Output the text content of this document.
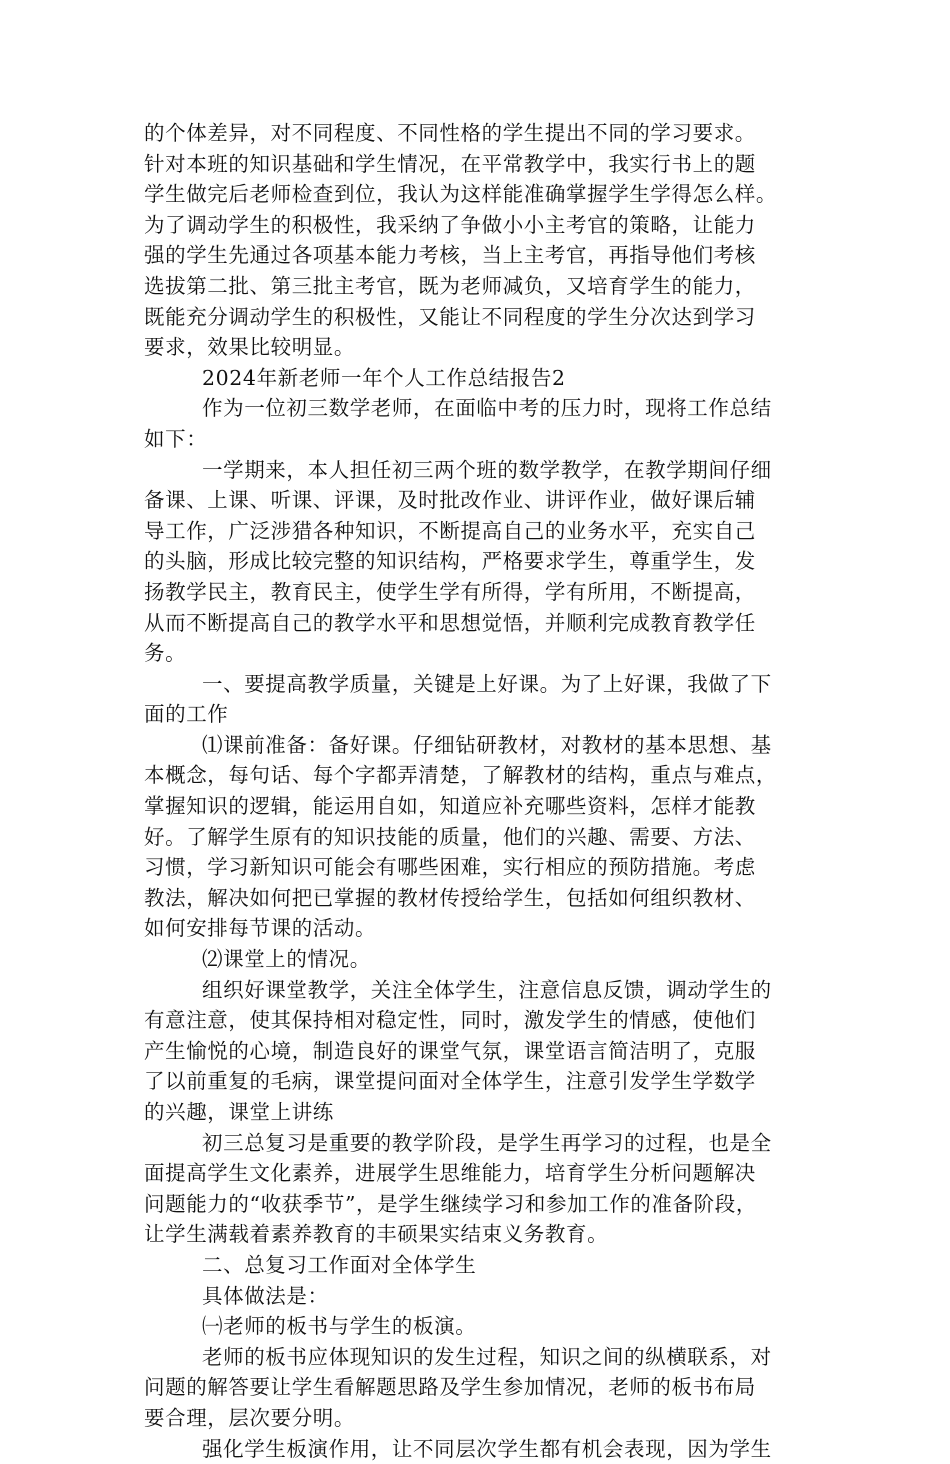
的个体差异，对不同程度、不同性格的学生提出不同的学习要求。
针对本班的知识基础和学生情况，在平常教学中，我实行书上的题
学生做完后老师检查到位，我认为这样能准确掌握学生学得怎么样。
为了调动学生的积极性，我采纳了争做小小主考官的策略，让能力
强的学生先通过各项基本能力考核，当上主考官，再指导他们考核
选拔第二批、第三批主考官，既为老师减负，又培育学生的能力，
既能充分调动学生的积极性，又能让不同程度的学生分次达到学习
要求，效果比较明显。
2024年新老师一年个人工作总结报告2
作为一位初三数学老师，在面临中考的压力时，现将工作总结
如下：
一学期来，本人担任初三两个班的数学教学，在教学期间仔细
备课、上课、听课、评课，及时批改作业、讲评作业，做好课后辅
导工作，广泛涉猎各种知识，不断提高自己的业务水平，充实自己
的头脑，形成比较完整的知识结构，严格要求学生，尊重学生，发
扬教学民主，教育民主，使学生学有所得，学有所用，不断提高，
从而不断提高自己的教学水平和思想觉悟，并顺利完成教育教学任
务。
一、要提高教学质量，关键是上好课。为了上好课，我做了下
面的工作
⑴课前准备：备好课。仔细钻研教材，对教材的基本思想、基
本概念，每句话、每个字都弄清楚，了解教材的结构，重点与难点，
掌握知识的逻辑，能运用自如，知道应补充哪些资料，怎样才能教
好。了解学生原有的知识技能的质量，他们的兴趣、需要、方法、
习惯，学习新知识可能会有哪些困难，实行相应的预防措施。考虑
教法，解决如何把已掌握的教材传授给学生，包括如何组织教材、
如何安排每节课的活动。
⑵课堂上的情况。
组织好课堂教学，关注全体学生，注意信息反馈，调动学生的
有意注意，使其保持相对稳定性，同时，激发学生的情感，使他们
产生愉悦的心境，制造良好的课堂气氛，课堂语言简洁明了，克服
了以前重复的毛病，课堂提问面对全体学生，注意引发学生学数学
的兴趣，课堂上讲练
初三总复习是重要的教学阶段，是学生再学习的过程，也是全
面提高学生文化素养，进展学生思维能力，培育学生分析问题解决
问题能力的“收获季节”，是学生继续学习和参加工作的准备阶段，
让学生满载着素养教育的丰硕果实结束义务教育。
二、总复习工作面对全体学生
具体做法是：
㈠老师的板书与学生的板演。
老师的板书应体现知识的发生过程，知识之间的纵横联系，对
问题的解答要让学生看解题思路及学生参加情况，老师的板书布局
要合理，层次要分明。
强化学生板演作用，让不同层次学生都有机会表现，因为学生
